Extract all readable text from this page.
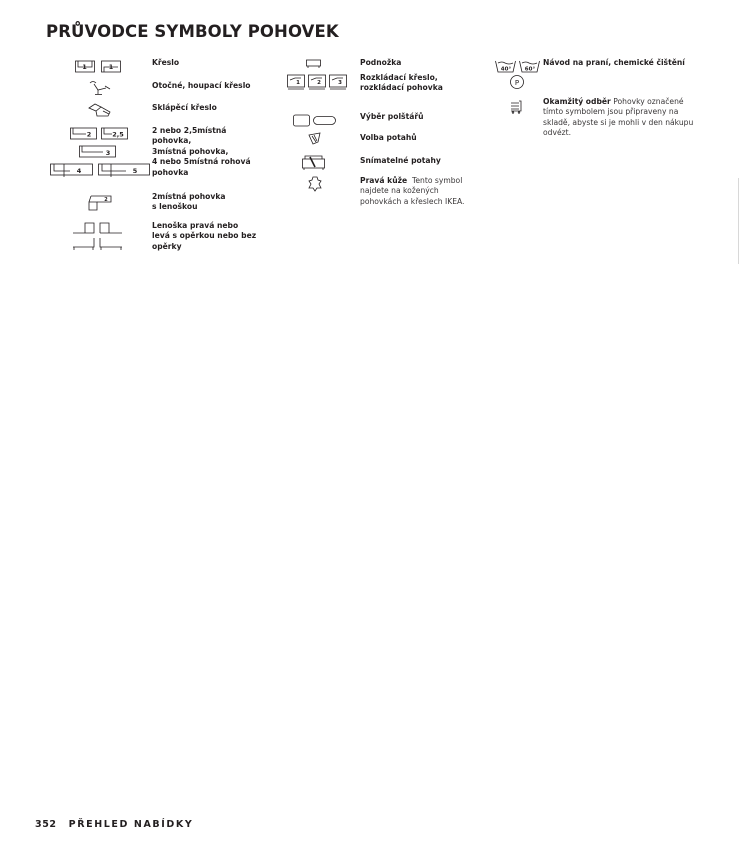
PRŮVODCE SYMBOLY POHOVEK
1	1	Křeslo
Otočné, houpací křeslo
Sklápěcí křeslo
2	2,5
3
4	5
2 nebo 2,5místná
pohovka,
3místná pohovka,
4 nebo 5místná rohová
pohovka
2	2místná pohovka
s lenoškou
Lenoška pravá nebo
levá s opěrkou nebo bez
opěrky
Podnožka
1	2	3
Rozkládací křeslo,
rozkládací pohovka
Výběr polštářů
Volba potahů
Snímatelné potahy
Pravá kůže Tento symbol
najdete na kožených
pohovkách a křeslech IKEA.
40° 60°
P
Návod na praní, chemické čištění
Okamžitý odběr Pohovky označené
tímto symbolem jsou připraveny na
skladě, abyste si je mohli v den nákupu
odvézt.
352 PŘEHLED NABÍDKY
